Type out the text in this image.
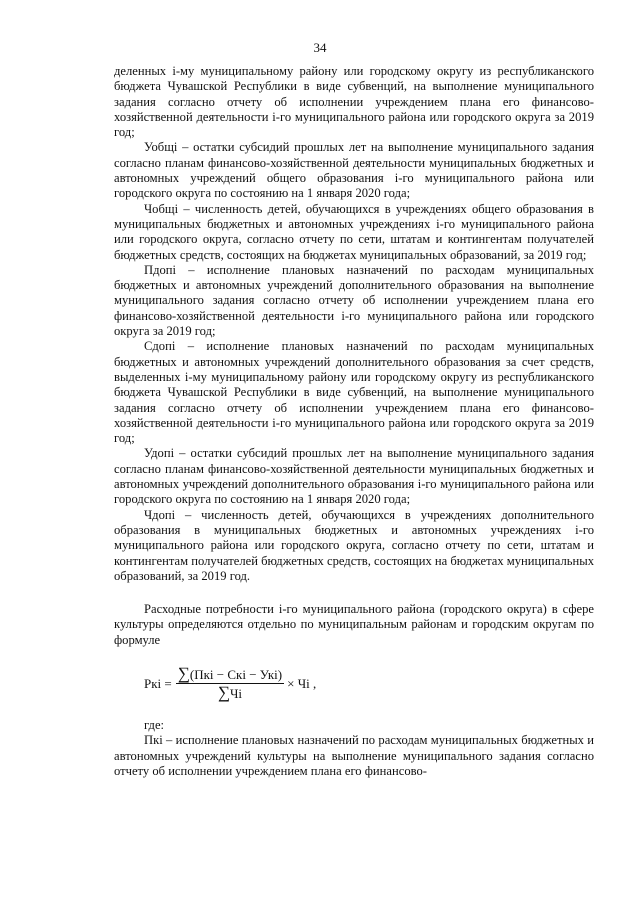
34

деленных i-му муниципальному району или городскому округу из республиканского бюджета Чувашской Республики в виде субвенций, на выполнение муниципального задания согласно отчету об исполнении учреждением плана его финансово-хозяйственной деятельности i-го муниципального района или городского округа за 2019 год;

Уобщi – остатки субсидий прошлых лет на выполнение муниципального задания согласно планам финансово-хозяйственной деятельности муниципальных бюджетных и автономных учреждений общего образования i-го муниципального района или городского округа по состоянию на 1 января 2020 года;

Чобщi – численность детей, обучающихся в учреждениях общего образования в муниципальных бюджетных и автономных учреждениях i-го муниципального района или городского округа, согласно отчету по сети, штатам и контингентам получателей бюджетных средств, состоящих на бюджетах муниципальных образований, за 2019 год;

Пдопi – исполнение плановых назначений по расходам муниципальных бюджетных и автономных учреждений дополнительного образования на выполнение муниципального задания согласно отчету об исполнении учреждением плана его финансово-хозяйственной деятельности i-го муниципального района или городского округа за 2019 год;

Сдопi – исполнение плановых назначений по расходам муниципальных бюджетных и автономных учреждений дополнительного образования за счет средств, выделенных i-му муниципальному району или городскому округу из республиканского бюджета Чувашской Республики в виде субвенций, на выполнение муниципального задания согласно отчету об исполнении учреждением плана его финансово-хозяйственной деятельности i-го муниципального района или городского округа за 2019 год;

Удопi – остатки субсидий прошлых лет на выполнение муниципального задания согласно планам финансово-хозяйственной деятельности муниципальных бюджетных и автономных учреждений дополнительного образования i-го муниципального района или городского округа по состоянию на 1 января 2020 года;

Чдопi – численность детей, обучающихся в учреждениях дополнительного образования в муниципальных бюджетных и автономных учреждениях i-го муниципального района или городского округа, согласно отчету по сети, штатам и контингентам получателей бюджетных средств, состоящих на бюджетах муниципальных образований, за 2019 год.

Расходные потребности i-го муниципального района (городского округа) в сфере культуры определяются отдельно по муниципальным районам и городским округам по формуле

Ркi = $\frac{\text{∑(Пкi − Скi − Укi)}}{\sum Чi}$ × Чi ,

где:

Пкi – исполнение плановых назначений по расходам муниципальных бюджетных и автономных учреждений культуры на выполнение муниципального задания согласно отчету об исполнении учреждением плана его финансово-
